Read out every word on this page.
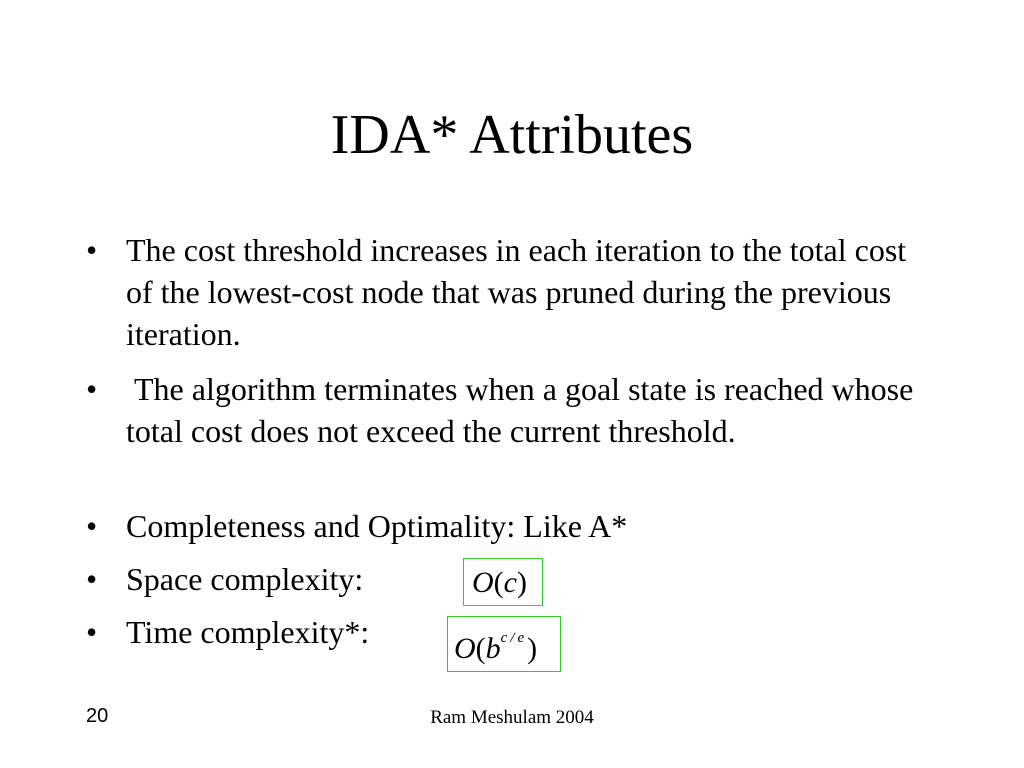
IDA* Attributes
• The cost threshold increases in each iteration to the total cost of the lowest-cost node that was pruned during the previous iteration.
• The algorithm terminates when a goal state is reached whose total cost does not exceed the current threshold.
• Completeness and Optimality: Like A*
• Space complexity:
• Time complexity*:
O(c)
$O(b^{c/e})$
20	Ram Meshulam 2004
